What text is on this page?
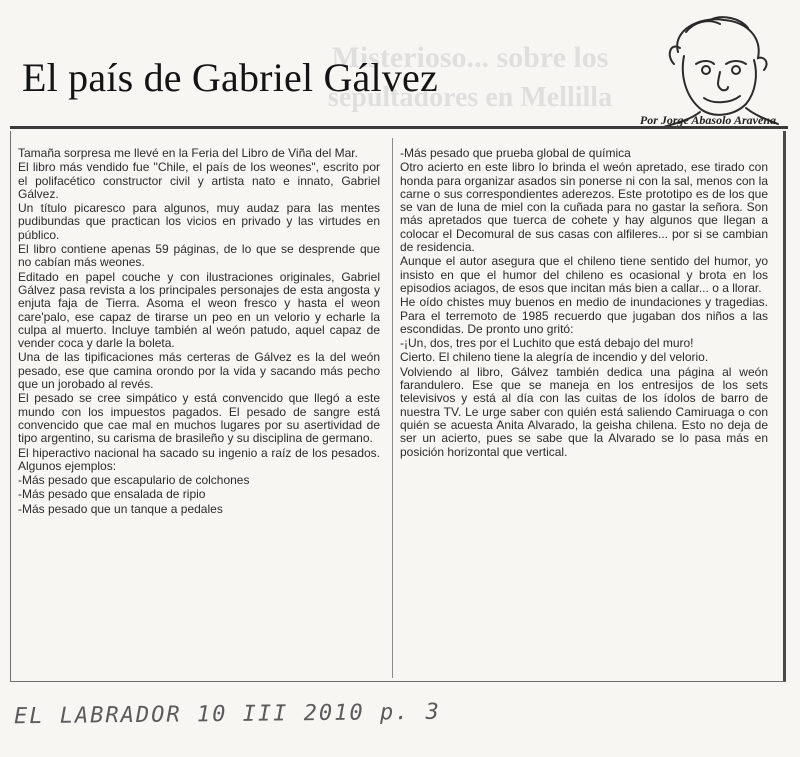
Misterioso... sobre los
sepultadores en Mellilla
El país de Gabriel Gálvez
Por Jorge Abasolo Aravena

Tamaña sorpresa me llevé en la Feria del Libro de Viña del Mar.

El libro más vendido fue "Chile, el país de los weones", escrito por el polifacético constructor civil y artista nato e innato, Gabriel Gálvez.

Un título picaresco para algunos, muy audaz para las mentes pudibundas que practican los vicios en privado y las virtudes en público.

El libro contiene apenas 59 páginas, de lo que se desprende que no cabían más weones.

Editado en papel couche y con ilustraciones originales, Gabriel Gálvez pasa revista a los principales personajes de esta angosta y enjuta faja de Tierra. Asoma el weon fresco y hasta el weon care'palo, ese capaz de tirarse un peo en un velorio y echarle la culpa al muerto. Incluye también al weón patudo, aquel capaz de vender coca y darle la boleta.

Una de las tipificaciones más certeras de Gálvez es la del weón pesado, ese que camina orondo por la vida y sacando más pecho que un jorobado al revés.

El pesado se cree simpático y está convencido que llegó a este mundo con los impuestos pagados. El pesado de sangre está convencido que cae mal en muchos lugares por su asertividad de tipo argentino, su carisma de brasileño y su disciplina de germano.

El hiperactivo nacional ha sacado su ingenio a raíz de los pesados. Algunos ejemplos:

-Más pesado que escapulario de colchones

-Más pesado que ensalada de ripio

-Más pesado que un tanque a pedales

-Más pesado que prueba global de química

Otro acierto en este libro lo brinda el weón apretado, ese tirado con honda para organizar asados sin ponerse ni con la sal, menos con la carne o sus correspondientes aderezos. Este prototipo es de los que se van de luna de miel con la cuñada para no gastar la señora. Son más apretados que tuerca de cohete y hay algunos que llegan a colocar el Decomural de sus casas con alfileres... por si se cambian de residencia.

Aunque el autor asegura que el chileno tiene sentido del humor, yo insisto en que el humor del chileno es ocasional y brota en los episodios aciagos, de esos que incitan más bien a callar... o a llorar.

He oído chistes muy buenos en medio de inundaciones y tragedias. Para el terremoto de 1985 recuerdo que jugaban dos niños a las escondidas. De pronto uno gritó:

-¡Un, dos, tres por el Luchito que está debajo del muro!

Cierto. El chileno tiene la alegría de incendio y del velorio.

Volviendo al libro, Gálvez también dedica una página al weón farandulero. Ese que se maneja en los entresijos de los sets televisivos y está al día con las cuitas de los ídolos de barro de nuestra TV. Le urge saber con quién está saliendo Camiruaga o con quién se acuesta Anita Alvarado, la geisha chilena. Esto no deja de ser un acierto, pues se sabe que la Alvarado se lo pasa más en posición horizontal que vertical.

EL LABRADOR 10 III 2010 p. 3
